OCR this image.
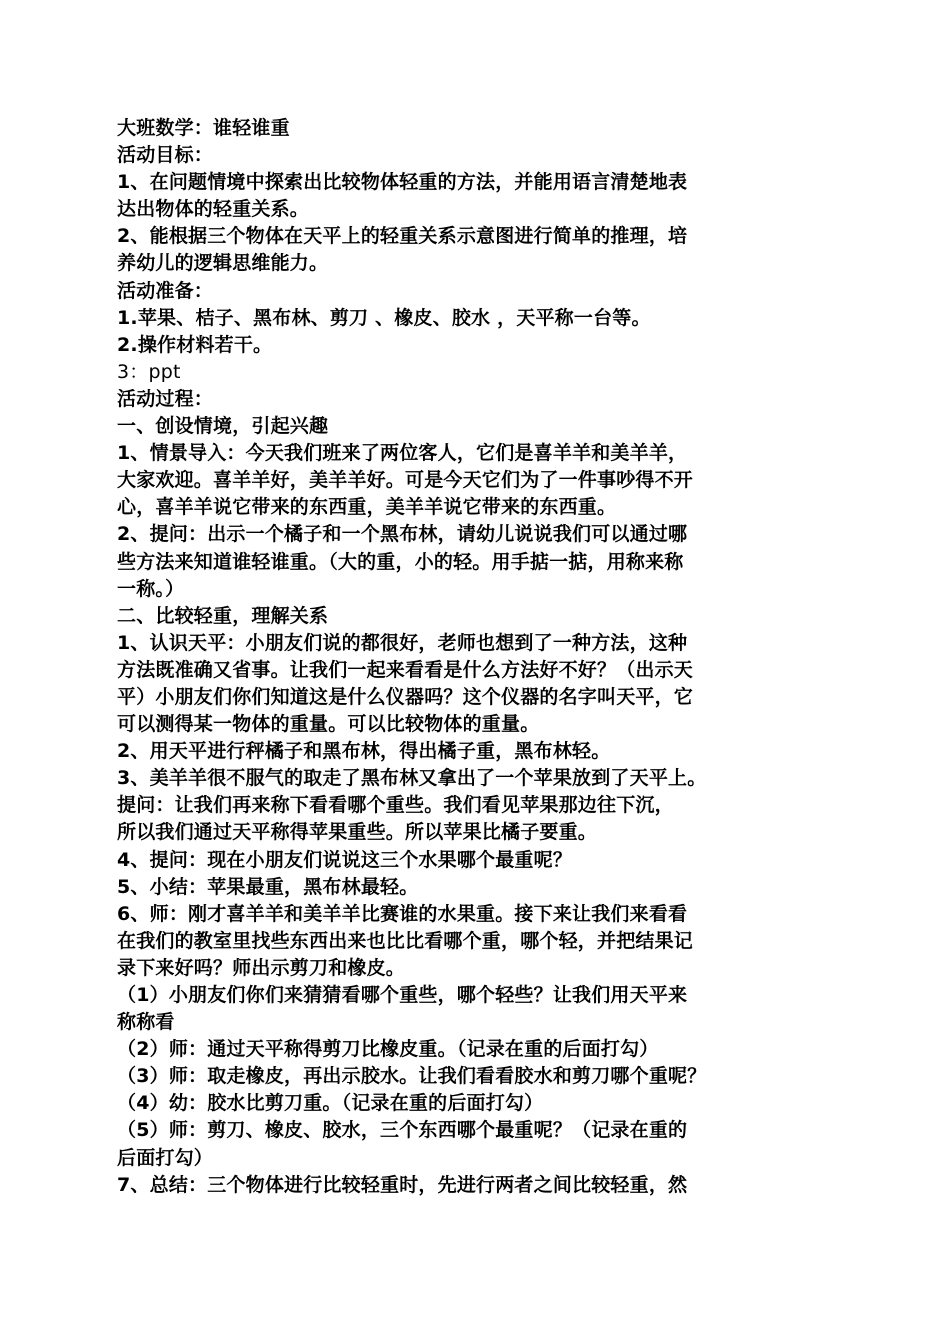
大班数学：谁轻谁重
活动目标：
1、在问题情境中探索出比较物体轻重的方法，并能用语言清楚地表
达出物体的轻重关系。
2、能根据三个物体在天平上的轻重关系示意图进行简单的推理，培
养幼儿的逻辑思维能力。
活动准备：
1.苹果、桔子、黑布林、剪刀 、橡皮、胶水 ，天平称一台等。
2.操作材料若干。
3：ppt
活动过程：
一、创设情境，引起兴趣
1、情景导入：今天我们班来了两位客人，它们是喜羊羊和美羊羊，
大家欢迎。喜羊羊好，美羊羊好。可是今天它们为了一件事吵得不开
心，喜羊羊说它带来的东西重，美羊羊说它带来的东西重。
2、提问：出示一个橘子和一个黑布林，请幼儿说说我们可以通过哪
些方法来知道谁轻谁重。（大的重，小的轻。用手掂一掂，用称来称
一称。）
二、比较轻重，理解关系
1、认识天平：小朋友们说的都很好，老师也想到了一种方法，这种
方法既准确又省事。让我们一起来看看是什么方法好不好？（出示天
平）小朋友们你们知道这是什么仪器吗？这个仪器的名字叫天平，它
可以测得某一物体的重量。可以比较物体的重量。
2、用天平进行秤橘子和黑布林，得出橘子重，黑布林轻。
3、美羊羊很不服气的取走了黑布林又拿出了一个苹果放到了天平上。
提问：让我们再来称下看看哪个重些。我们看见苹果那边往下沉，
所以我们通过天平称得苹果重些。所以苹果比橘子要重。
4、提问：现在小朋友们说说这三个水果哪个最重呢？
5、小结：苹果最重，黑布林最轻。
6、师：刚才喜羊羊和美羊羊比赛谁的水果重。接下来让我们来看看
在我们的教室里找些东西出来也比比看哪个重，哪个轻，并把结果记
录下来好吗？师出示剪刀和橡皮。
（1）小朋友们你们来猜猜看哪个重些，哪个轻些？让我们用天平来
称称看
（2）师：通过天平称得剪刀比橡皮重。（记录在重的后面打勾）
（3）师：取走橡皮，再出示胶水。让我们看看胶水和剪刀哪个重呢？
（4）幼：胶水比剪刀重。（记录在重的后面打勾）
（5）师：剪刀、橡皮、胶水，三个东西哪个最重呢？（记录在重的
后面打勾）
7、总结：三个物体进行比较轻重时，先进行两者之间比较轻重，然
